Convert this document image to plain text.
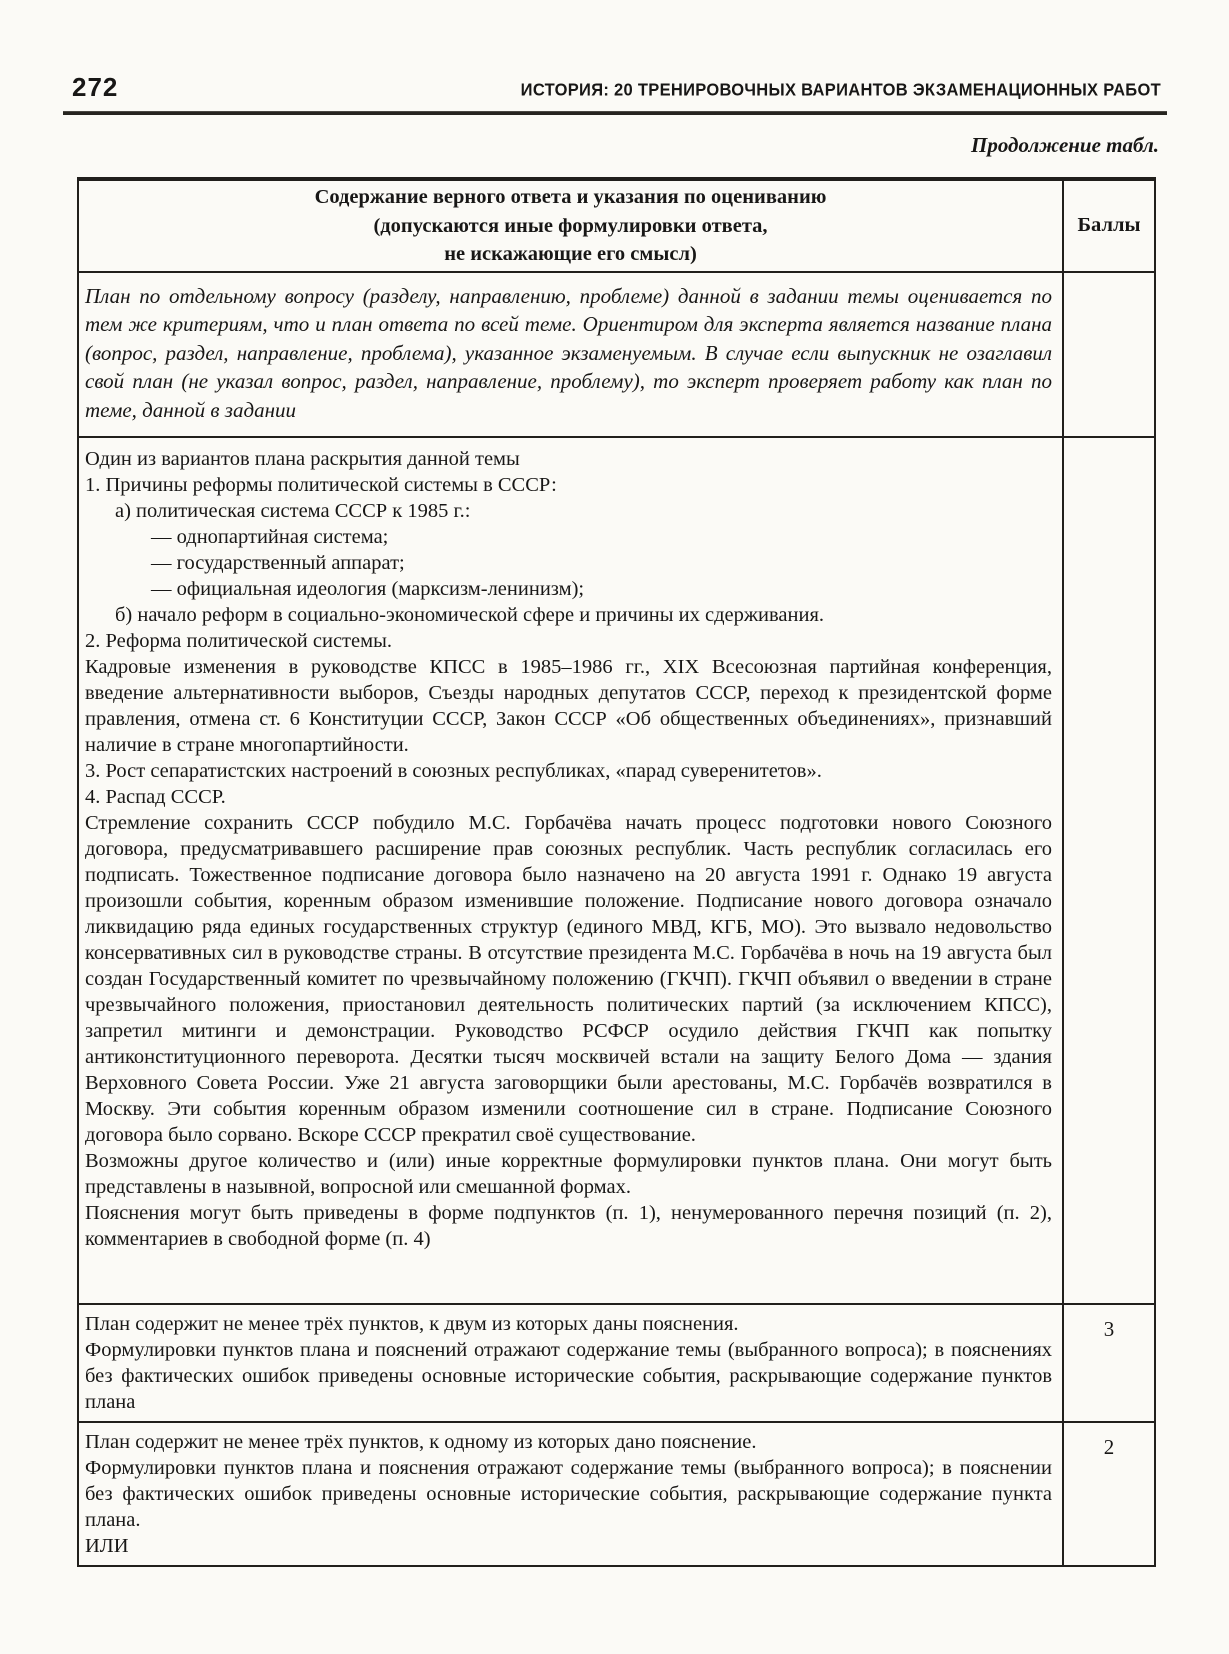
272	ИСТОРИЯ: 20 ТРЕНИРОВОЧНЫХ ВАРИАНТОВ ЭКЗАМЕНАЦИОННЫХ РАБОТ
Продолжение табл.
Содержание верного ответа и указания по оцениванию
(допускаются иные формулировки ответа,
не искажающие его смысл)	Баллы

План по отдельному вопросу (разделу, направлению, проблеме) данной в задании темы оценивается по тем же критериям, что и план ответа по всей теме. Ориентиром для эксперта является название плана (вопрос, раздел, направление, проблема), указанное экзаменуемым. В случае если выпускник не озаглавил свой план (не указал вопрос, раздел, направление, проблему), то эксперт проверяет работу как план по теме, данной в задании	

Один из вариантов плана раскрытия данной темы

1. Причины реформы политической системы в СССР:

а) политическая система СССР к 1985 г.:

— однопартийная система;

— государственный аппарат;

— официальная идеология (марксизм-ленинизм);

б) начало реформ в социально-экономической сфере и причины их сдерживания.

2. Реформа политической системы.

Кадровые изменения в руководстве КПСС в 1985–1986 гг., XIX Всесоюзная партийная конференция, введение альтернативности выборов, Съезды народных депутатов СССР, переход к президентской форме правления, отмена ст. 6 Конституции СССР, Закон СССР «Об общественных объединениях», признавший наличие в стране многопартийности.

3. Рост сепаратистских настроений в союзных республиках, «парад суверенитетов».

4. Распад СССР.

Стремление сохранить СССР побудило М.С. Горбачёва начать процесс подготовки нового Союзного договора, предусматривавшего расширение прав союзных республик. Часть республик согласилась его подписать. Тожественное подписание договора было назначено на 20 августа 1991 г. Однако 19 августа произошли события, коренным образом изменившие положение. Подписание нового договора означало ликвидацию ряда единых государственных структур (единого МВД, КГБ, МО). Это вызвало недовольство консервативных сил в руководстве страны. В отсутствие президента М.С. Горбачёва в ночь на 19 августа был создан Государственный комитет по чрезвычайному положению (ГКЧП). ГКЧП объявил о введении в стране чрезвычайного положения, приостановил деятельность политических партий (за исключением КПСС), запретил митинги и демонстрации. Руководство РСФСР осудило действия ГКЧП как попытку антиконституционного переворота. Десятки тысяч москвичей встали на защиту Белого Дома — здания Верховного Совета России. Уже 21 августа заговорщики были арестованы, М.С. Горбачёв возвратился в Москву. Эти события коренным образом изменили соотношение сил в стране. Подписание Союзного договора было сорвано. Вскоре СССР прекратил своё существование.

Возможны другое количество и (или) иные корректные формулировки пунктов плана. Они могут быть представлены в назывной, вопросной или смешанной формах.

Пояснения могут быть приведены в форме подпунктов (п. 1), ненумерованного перечня позиций (п. 2), комментариев в свободной форме (п. 4)

План содержит не менее трёх пунктов, к двум из которых даны пояснения.

Формулировки пунктов плана и пояснений отражают содержание темы (выбранного вопроса); в пояснениях без фактических ошибок приведены основные исторические события, раскрывающие содержание пунктов плана	3

План содержит не менее трёх пунктов, к одному из которых дано пояснение.

Формулировки пунктов плана и пояснения отражают содержание темы (выбранного вопроса); в пояснении без фактических ошибок приведены основные исторические события, раскрывающие содержание пункта плана.

ИЛИ	2
